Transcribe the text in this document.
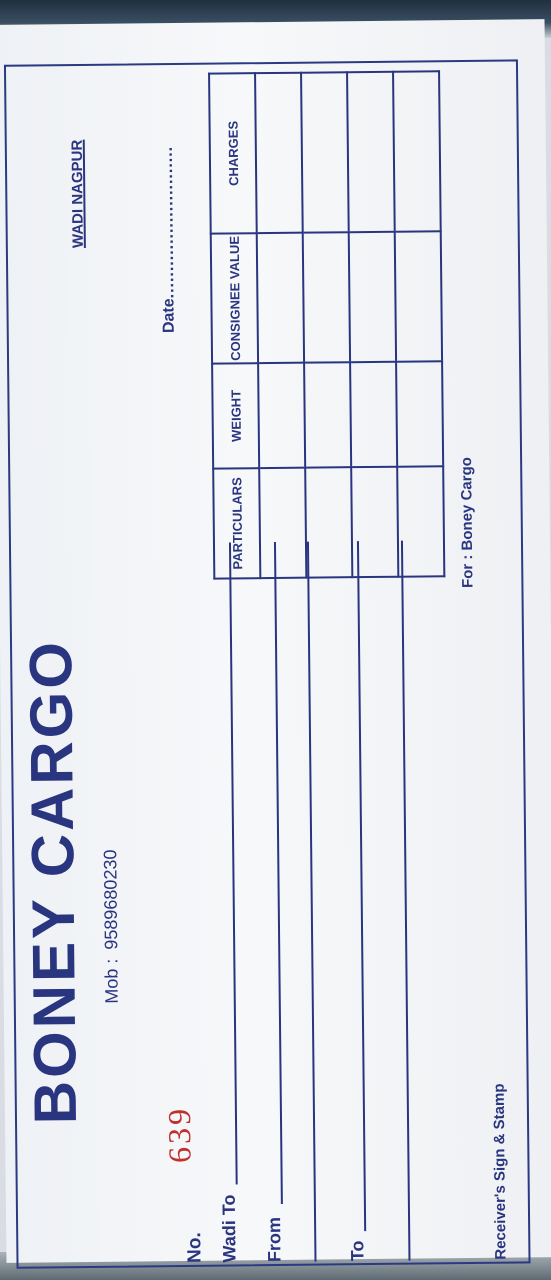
BONEY CARGO Mob : 9589680230
WADI NAGPUR
No.
639
Date............................
Wadi To From	To
PARTICULARS	WEIGHT	CONSIGNEE VALUE	CHARGES

Receiver's Sign & Stamp
For : Boney Cargo
